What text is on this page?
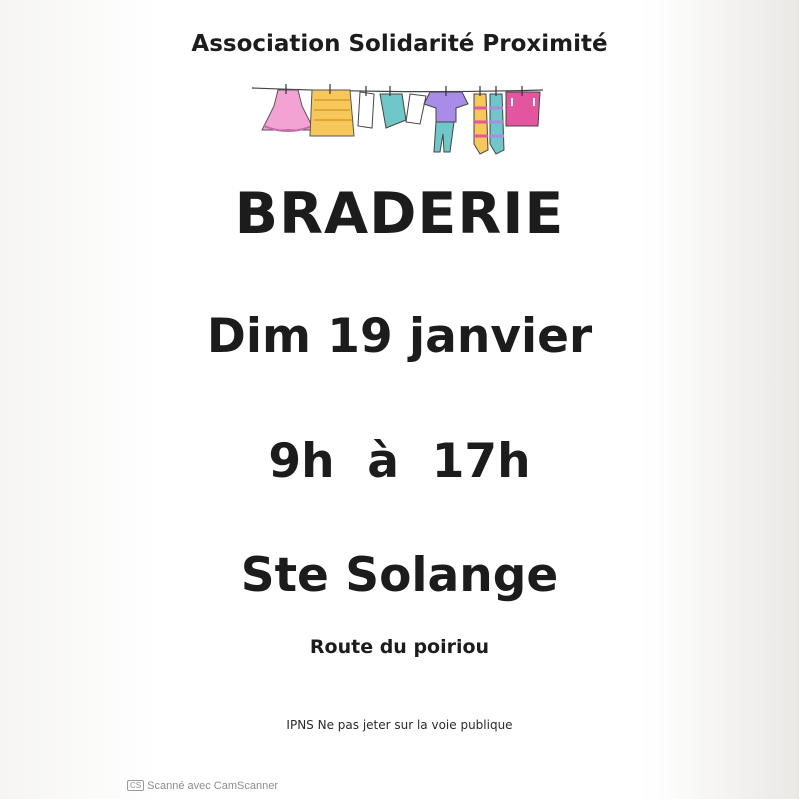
Association Solidarité Proximité
BRADERIE
Dim 19 janvier
9h  à  17h
Ste Solange
Route du poiriou
IPNS Ne pas jeter sur la voie publique
CS Scanné avec CamScanner
